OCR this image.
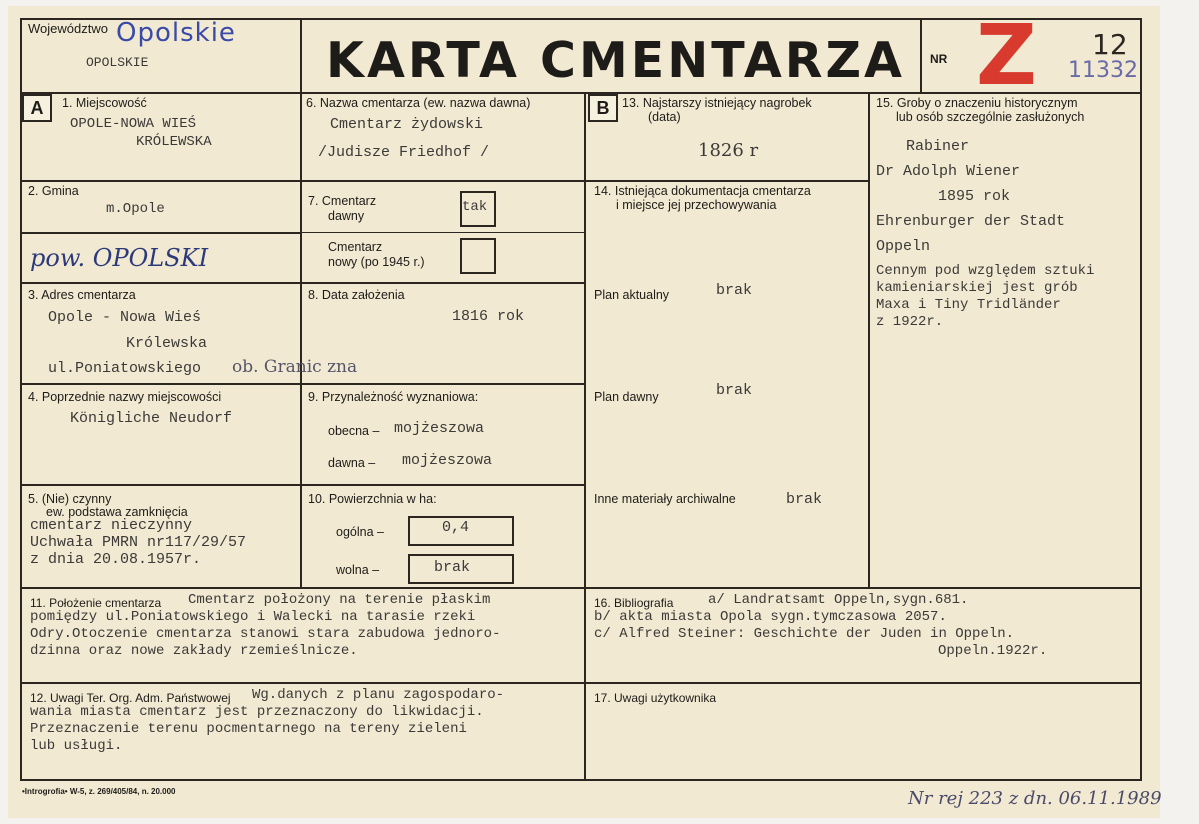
Województwo Opolskie
OPOLSKIE	KARTA CMENTARZA NR Z 12
11332
A	1. Miejscowość
OPOLE-NOWA WIEŚ
KRÓLEWSKA
2. Gmina
m.Opole
pow. OPOLSKI
3. Adres cmentarza
Opole - Nowa Wieś
Królewska
ul.Poniatowskiego ob. Granic zna
4. Poprzednie nazwy miejscowości
Königliche Neudorf
5. (Nie) czynny
ew. podstawa zamknięcia
cmentarz nieczynny
Uchwała PMRN nr117/29/57
z dnia 20.08.1957r.
6. Nazwa cmentarza (ew. nazwa dawna)
Cmentarz żydowski
/Judisze Friedhof /
7. Cmentarz
dawny
tak
Cmentarz
nowy (po 1945 r.)
8. Data założenia
1816 rok
9. Przynależność wyznaniowa:
obecna – mojżeszowa
dawna – mojżeszowa
10. Powierzchnia w ha:
ogólna –	0,4
wolna –	brak
B	13. Najstarszy istniejący nagrobek
(data)
1826 r
14. Istniejąca dokumentacja cmentarza
i miejsce jej przechowywania
Plan aktualny	brak
Plan dawny	brak
Inne materiały archiwalne	brak
15. Groby o znaczeniu historycznym
lub osób szczególnie zasłużonych
Rabiner
Dr Adolph Wiener
1895 rok
Ehrenburger der Stadt
Oppeln
Cennym pod względem sztuki
kamieniarskiej jest grób
Maxa i Tiny Tridländer
z 1922r.
11. Położenie cmentarza Cmentarz położony na terenie płaskim
pomiędzy ul.Poniatowskiego i Walecki na tarasie rzeki
Odry.Otoczenie cmentarza stanowi stara zabudowa jednoro-
dzinna oraz nowe zakłady rzemieślnicze.
16. Bibliografia a/ Landratsamt Oppeln,sygn.681.
b/ akta miasta Opola sygn.tymczasowa 2057.
c/ Alfred Steiner: Geschichte der Juden in Oppeln.
Oppeln.1922r.
12. Uwagi Ter. Org. Adm. Państwowej Wg.danych z planu zagospodaro-
wania miasta cmentarz jest przeznaczony do likwidacji.
Przeznaczenie terenu pocmentarnego na tereny zieleni
lub usługi.
17. Uwagi użytkownika
•Introgrofia• W-5, z. 269/405/84, n. 20.000	Nr rej 223 z dn. 06.11.1989
